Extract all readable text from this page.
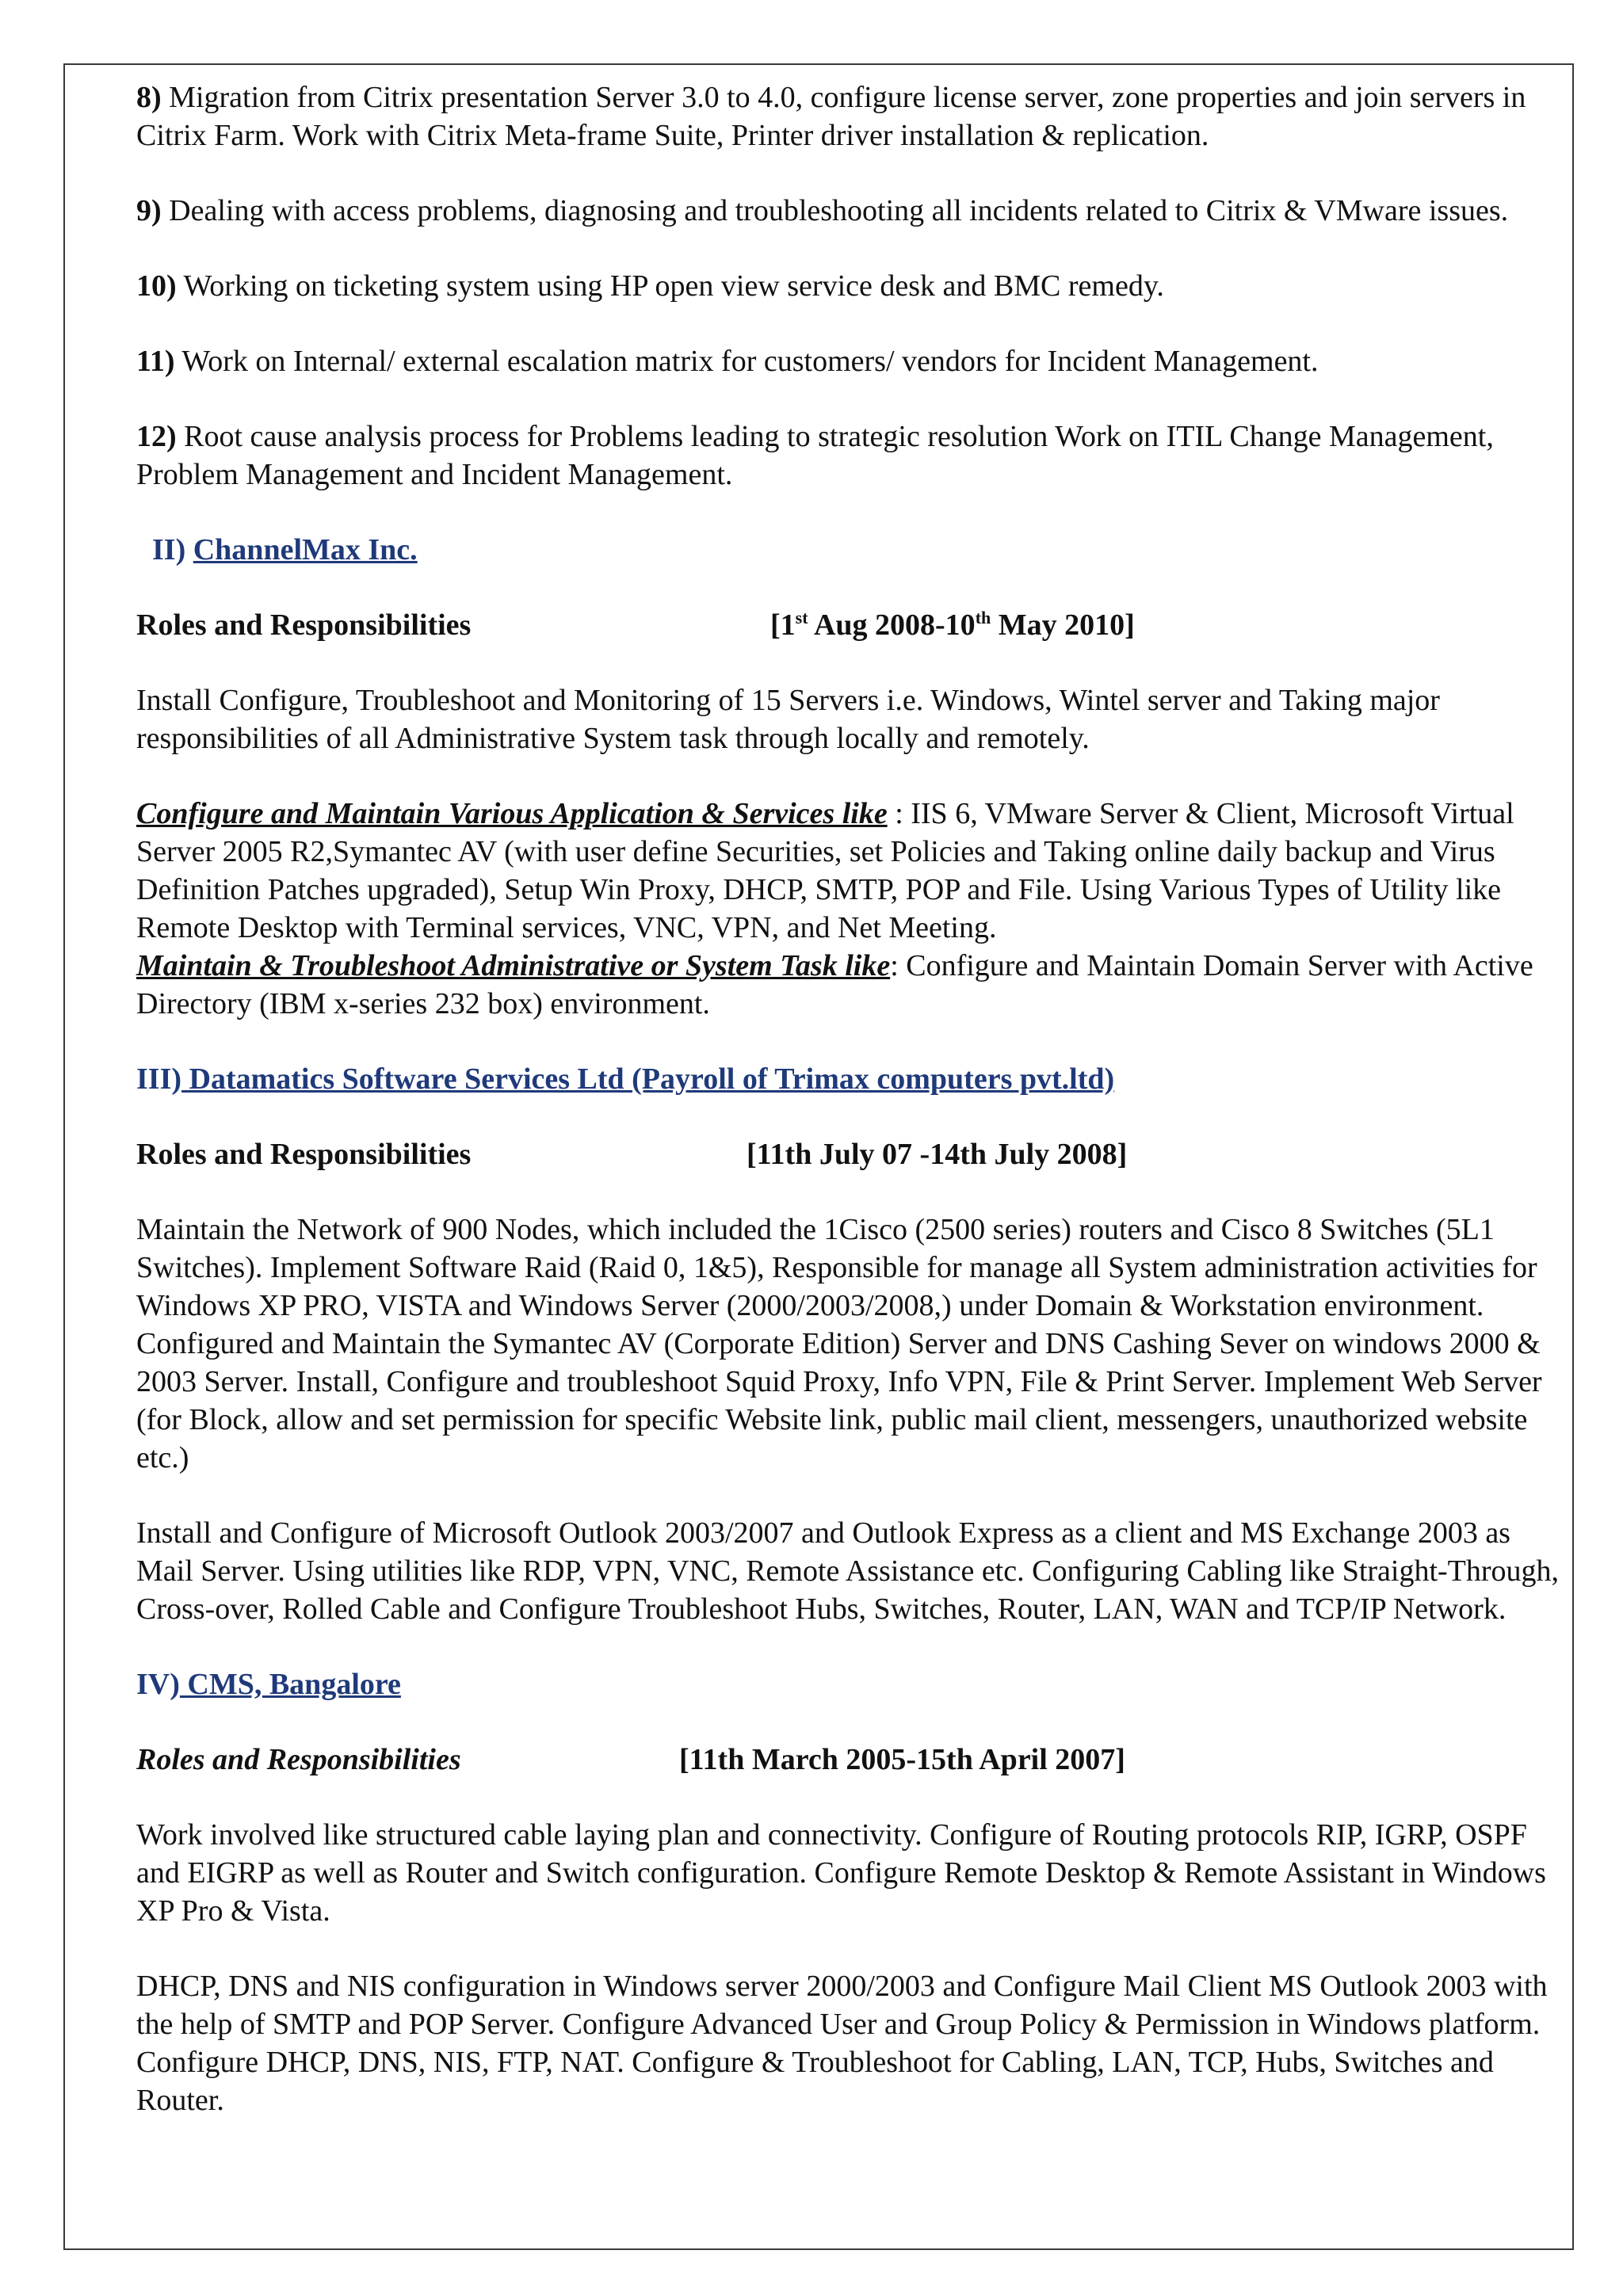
8) Migration from Citrix presentation Server 3.0 to 4.0, configure license server, zone properties and join servers in Citrix Farm. Work with Citrix Meta-frame Suite, Printer driver installation & replication.

9) Dealing with access problems, diagnosing and troubleshooting all incidents related to Citrix & VMware issues.

10) Working on ticketing system using HP open view service desk and BMC remedy.

11) Work on Internal/ external escalation matrix for customers/ vendors for Incident Management.

12) Root cause analysis process for Problems leading to strategic resolution Work on ITIL Change Management, Problem Management and Incident Management.

II) ChannelMax Inc.

Roles and Responsibilities	[1st Aug 2008-10th May 2010]

Install Configure, Troubleshoot and Monitoring of 15 Servers i.e. Windows, Wintel server and Taking major responsibilities of all Administrative System task through locally and remotely.

Configure and Maintain Various Application & Services like : IIS 6, VMware Server & Client, Microsoft Virtual Server 2005 R2,Symantec AV (with user define Securities, set Policies and Taking online daily backup and Virus Definition Patches upgraded), Setup Win Proxy, DHCP, SMTP, POP and File. Using Various Types of Utility like Remote Desktop with Terminal services, VNC, VPN, and Net Meeting.

Maintain & Troubleshoot Administrative or System Task like: Configure and Maintain Domain Server with Active Directory (IBM x-series 232 box) environment.

III) Datamatics Software Services Ltd (Payroll of Trimax computers pvt.ltd)

Roles and Responsibilities	[11th July 07 -14th July 2008]

Maintain the Network of 900 Nodes, which included the 1Cisco (2500 series) routers and Cisco 8 Switches (5L1 Switches). Implement Software Raid (Raid 0, 1&5), Responsible for manage all System administration activities for Windows XP PRO, VISTA and Windows Server (2000/2003/2008,) under Domain & Workstation environment. Configured and Maintain the Symantec AV (Corporate Edition) Server and DNS Cashing Sever on windows 2000 & 2003 Server. Install, Configure and troubleshoot Squid Proxy, Info VPN, File & Print Server. Implement Web Server (for Block, allow and set permission for specific Website link, public mail client, messengers, unauthorized website etc.)

Install and Configure of Microsoft Outlook 2003/2007 and Outlook Express as a client and MS Exchange 2003 as Mail Server. Using utilities like RDP, VPN, VNC, Remote Assistance etc. Configuring Cabling like Straight-Through, Cross-over, Rolled Cable and Configure Troubleshoot Hubs, Switches, Router, LAN, WAN and TCP/IP Network.

IV) CMS, Bangalore

Roles and Responsibilities	[11th March 2005-15th April 2007]

Work involved like structured cable laying plan and connectivity. Configure of Routing protocols RIP, IGRP, OSPF and EIGRP as well as Router and Switch configuration. Configure Remote Desktop & Remote Assistant in Windows XP Pro & Vista.

DHCP, DNS and NIS configuration in Windows server 2000/2003 and Configure Mail Client MS Outlook 2003 with the help of SMTP and POP Server. Configure Advanced User and Group Policy & Permission in Windows platform. Configure DHCP, DNS, NIS, FTP, NAT. Configure & Troubleshoot for Cabling, LAN, TCP, Hubs, Switches and Router.
